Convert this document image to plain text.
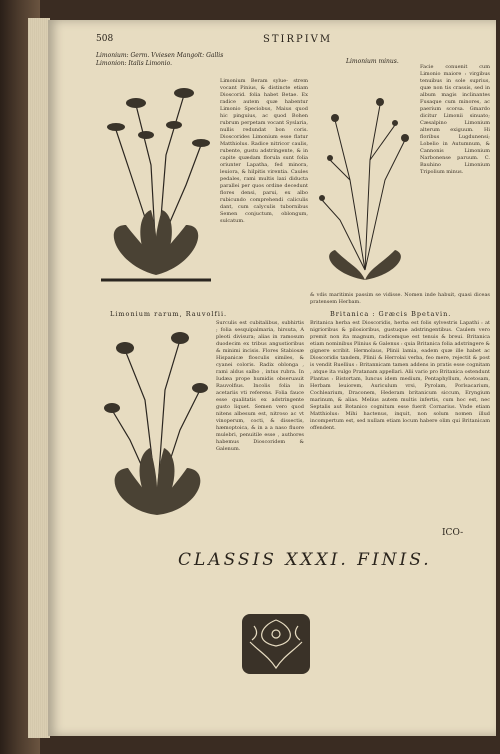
508	STIRPIVM
Limonium: Germ. Vviesen Mangolt: Gallis
Limonion: Italis Limonio.	Limonium minus.
Limonium Beram sylue- strem vocant Pinius, & distincte etiam Dioscorid. folia habet Betae. Ex radice autem quæ habentur Limonio Speciobus, Maius quod hic pinguius, ac quod Bohen rubrum perpetam vocant Syslaria, nullis redundat bon coris. Dioscorides Limonium esse flatur Matthiolus. Radice nitricor caulis, rubente, gustu adstringente, & in capite quædam florula sunt folia oriunter Lapatha, fed minora, leuiora, & hilpitis virentia. Caules pedales, rami multis laxi diducta parallei per quos ordine decedunt flores densi, parui, ex albo rubicundo comprehendi caliculis dant, cum calyculis tubornibus Semen conjuctum, oblongum, sulcatum.
Facie conuenit cum Limonio maiore : virgibus tenuibus in sole suprius, quæ non tis crassis, sed in album magis inclinantes Fusaque cum minores, ac paerium scorsa. Gmardo dicitur Limonii sinuato; Cæsalpino Limonium alterum exiguum. Hi floribus Lugdunensi; Lobelio in Autumnum, & Cannonis Limonium Narbonense paruum. C. Bauhino Limonium Tripolium minus.
& vdis maritimis passim se vidisse. Nomen inde habuit, quasi diceas pratensem Herbam.
Limonium rarum, Rauvolfii.	Britanica : Græcis Bpetavin.
Surculis est cubitalibus, subhirtis ; folia sesquipalmaria, hirsuta, A pleoti divisura; alias in ramosum duodecim ex tribus angustioribus & minimi incisis. Flores Stabiosæ Hispanicæ flosculis similes, & cyanei coloris. Radix oblonga , rami aldus salbo , intus rubra. In Iudæa prope humidis obseruauit Rauvolfius. Incolis folia in acetariis vti referens. Folia fauce esse qualitatis ex adstringente gusto liquet. Semen vero quod nitens albesum est, nitroso ac vt vinoperum, cocti, & dissectis, hæmoptoica, & in a a naso fluore mulebri, penuitile esse , authores habemus Dioscoridem & Galenum.
Britanica herba est Dioscoridis, herba est folis sylvestris Lapathi : at nigrioribus & pilosioribus, gustuque adstringentibus. Caulem vero premit non ita magnum, radicemque est tenuis & breui. Britanica etiam nominibus Plinius & Galenus : quia Britanica folia adstringere & gignere scribit. Hermolaus, Plinii lamia, eadem quæ ille habet ac Dioscoridis tandem, Plinii & Herrolai verba, feo mere, rejectit & post is vendit Ruellius : Britannicam tamen addens in pratis esse cognitam , atque ita vulgo Pratanam appellari. Alii vario pro Britanica ostendunt Plantas : Bistortam, Iuncus idem medium, Pentaphyllum, Acetosam, Herbam leuiorem, Auriculum vrsi, Pyrolam, Porlsacarium, Cochlearium, Draconem, Hederam britanicum siccum, Eryngium marinum, & alias. Melius autem multis infertis, cum hoc est, nec Septalis aut Botanico cognitum esse fuerit Cornarius. Vnde etiam Matthiolus: Mihi hactenus, inquit, non solum nomen illud incompertum est, sed nullam etiam locum habere olim qui Britanicam offendent.
ICO-
CLASSIS XXXI. FINIS.
